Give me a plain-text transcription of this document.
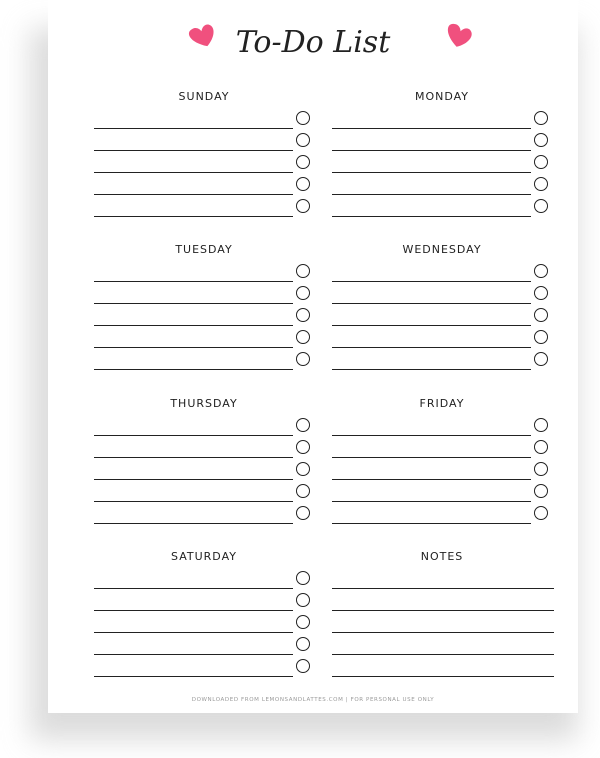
To-Do List
SUNDAY	MONDAY
TUESDAY	WEDNESDAY
THURSDAY	FRIDAY
SATURDAY	NOTES
DOWNLOADED FROM LEMONSANDLATTES.COM | FOR PERSONAL USE ONLY
